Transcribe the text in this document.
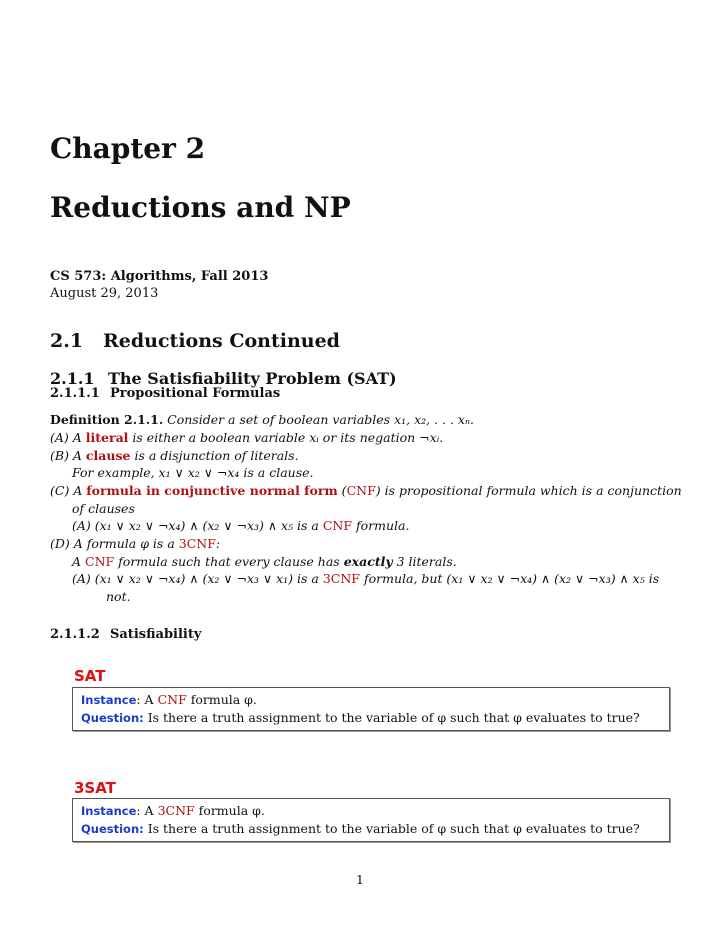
Chapter 2
Reductions and NP
CS 573: Algorithms, Fall 2013
August 29, 2013
2.1 Reductions Continued
2.1.1 The Satisfiability Problem (SAT)
2.1.1.1 Propositional Formulas
Definition 2.1.1. Consider a set of boolean variables x₁, x₂, . . . xₙ.
(A) A literal is either a boolean variable xᵢ or its negation ¬xᵢ.
(B) A clause is a disjunction of literals.
For example, x₁ ∨ x₂ ∨ ¬x₄ is a clause.
(C) A formula in conjunctive normal form (CNF) is propositional formula which is a conjunction
of clauses
(A) (x₁ ∨ x₂ ∨ ¬x₄) ∧ (x₂ ∨ ¬x₃) ∧ x₅ is a CNF formula.
(D) A formula φ is a 3CNF:
A CNF formula such that every clause has exactly 3 literals.
(A) (x₁ ∨ x₂ ∨ ¬x₄) ∧ (x₂ ∨ ¬x₃ ∨ x₁) is a 3CNF formula, but (x₁ ∨ x₂ ∨ ¬x₄) ∧ (x₂ ∨ ¬x₃) ∧ x₅ is
not.
2.1.1.2 Satisfiability
SAT
Instance: A CNF formula φ.
Question: Is there a truth assignment to the variable of φ such that φ evaluates to true?
3SAT
Instance: A 3CNF formula φ.
Question: Is there a truth assignment to the variable of φ such that φ evaluates to true?
1
